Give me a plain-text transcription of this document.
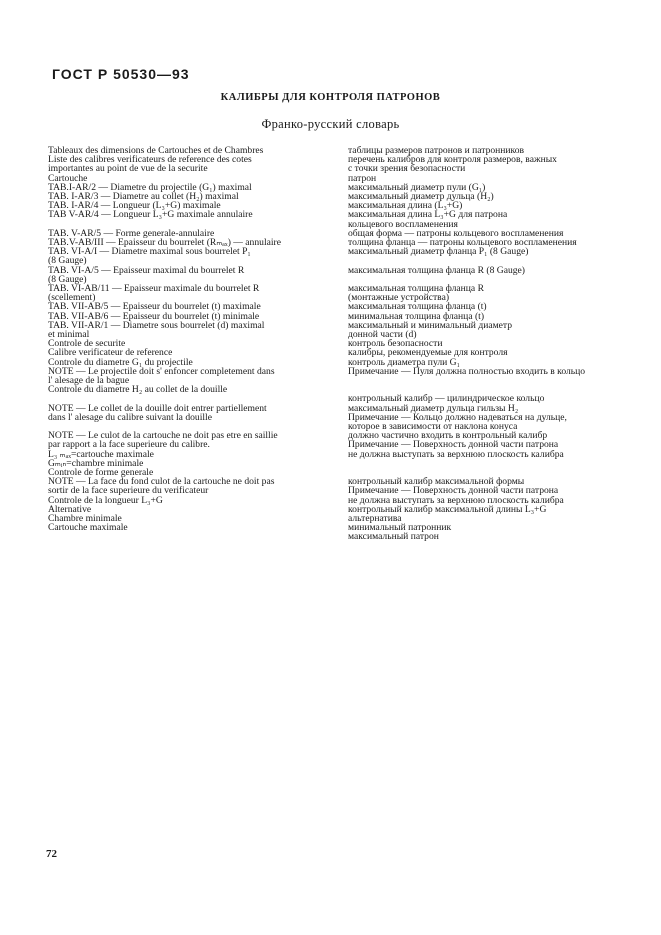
ГОСТ Р 50530—93
КАЛИБРЫ ДЛЯ КОНТРОЛЯ ПАТРОНОВ
Франко-русский словарь
Tableaux des dimensions de Cartouches et de Chambres
Liste des calibres verificateurs de reference des cotes
importantes au point de vue de la securite
Cartouche
TAB.I-AR/2 — Diametre du projectile (G₁) maximal
TAB. I-AR/3 — Diametre au collet (H₂) maximal
TAB. I-AR/4 — Longueur (L₃+G) maximale
TAB V-AR/4 — Longueur L₃+G maximale annulaire
TAB. V-AR/5 — Forme generale-annulaire
TAB.V-AB/III — Epaisseur du bourrelet (Rₘₐₓ) — annulaire
TAB. VI-A/I — Diametre maximal sous bourrelet P₁
(8 Gauge)
TAB. VI-A/5 — Epaisseur maximal du bourrelet R
(8 Gauge)
TAB. VI-AB/11 — Epaisseur maximale du bourrelet R
(scellement)
TAB. VII-AB/5 — Epaisseur du bourrelet (t) maximale
TAB. VII-AB/6 — Epaisseur du bourrelet (t) minimale
TAB. VII-AR/1 — Diametre sous bourrelet (d) maximal
et minimal
Controle de securite
Calibre verificateur de reference
Controle du diametre G₁ du projectile
NOTE — Le projectile doit s' enfoncer completement dans
l' alesage de la bague
Controle du diametre H₂ au collet de la douille
NOTE — Le collet de la douille doit entrer partiellement
dans l' alesage du calibre suivant la douille
NOTE — Le culot de la cartouche ne doit pas etre en saillie
par rapport a la face superieure du calibre.
L₃ ₘₐₓ=cartouche maximale
Gₘᵢₙ=chambre minimale
Controle de forme generale
NOTE — La face du fond culot de la cartouche ne doit pas
sortir de la face superieure du verificateur
Controle de la longueur L₃+G
Alternative
Chambre minimale
Cartouche maximale
таблицы размеров патронов и патронников
перечень калибров для контроля размеров, важных
с точки зрения безопасности
патрон
максимальный диаметр пули (G₁)
максимальный диаметр дульца (H₂)
максимальная длина (L₃+G)
максимальная длина L₃+G для патрона
кольцевого воспламенения
общая форма — патроны кольцевого воспламенения
толщина фланца — патроны кольцевого воспламенения
максимальный диаметр фланца P₁ (8 Gauge)
максимальная толщина фланца R (8 Gauge)
максимальная толщина фланца R
(монтажные устройства)
максимальная толщина фланца (t)
минимальная толщина фланца (t)
максимальный и минимальный диаметр
донной части (d)
контроль безопасности
калибры, рекомендуемые для контроля
контроль диаметра пули G₁
Примечание — Пуля должна полностью входить в кольцо
контрольный калибр — цилиндрическое кольцо
максимальный диаметр дульца гильзы H₂
Примечание — Кольцо должно надеваться на дульце,
которое в зависимости от наклона конуса
должно частично входить в контрольный калибр
Примечание — Поверхность донной части патрона
не должна выступать за верхнюю плоскость калибра
контрольный калибр максимальной формы
Примечание — Поверхность донной части патрона
не должна выступать за верхнюю плоскость калибра
контрольный калибр максимальной длины L₃+G
альтернатива
минимальный патронник
максимальный патрон
72
